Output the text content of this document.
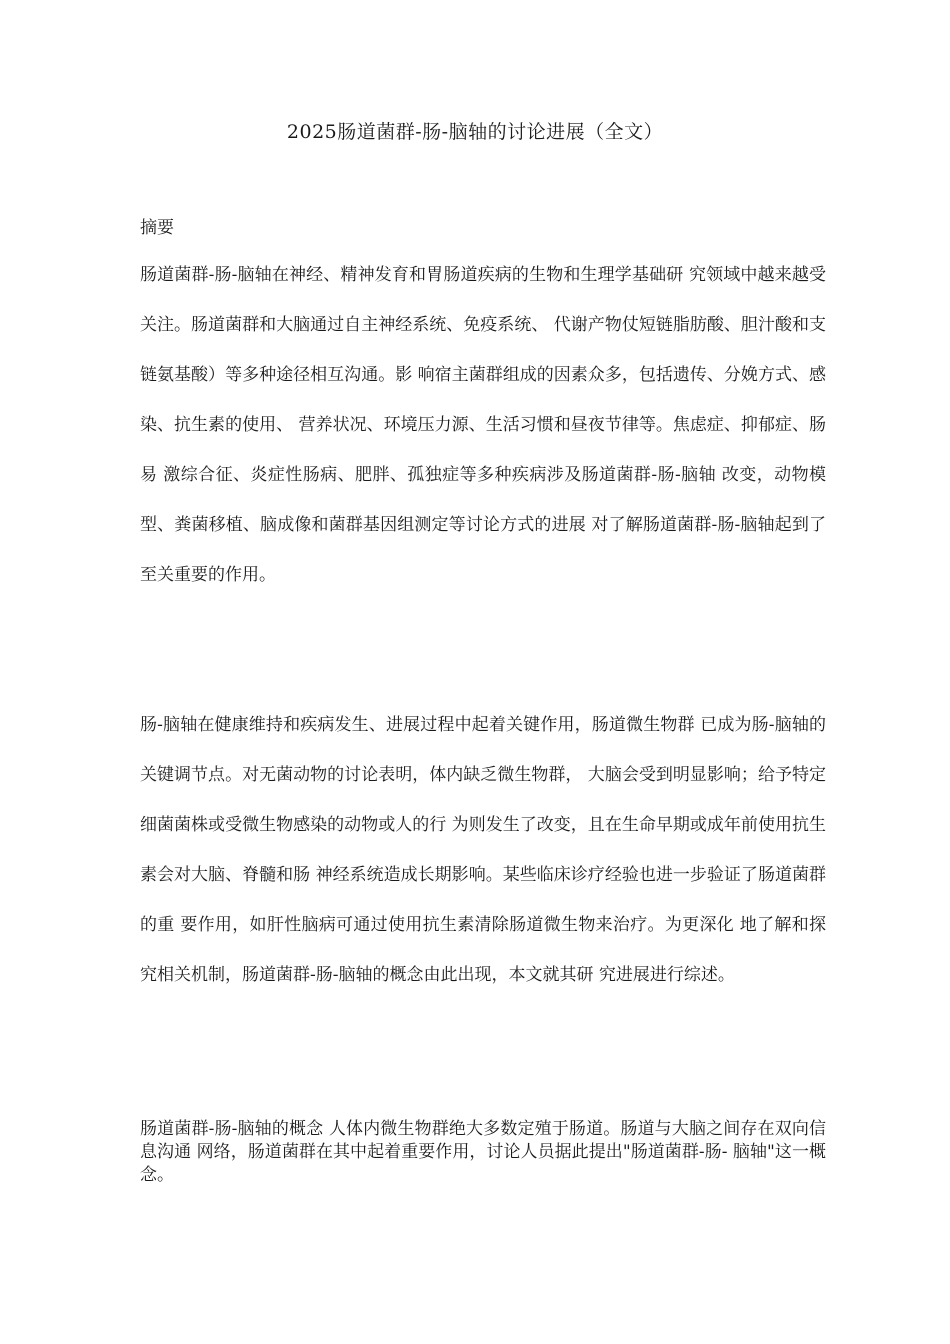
2025肠道菌群-肠-脑轴的讨论进展（全文）
摘要

肠道菌群-肠-脑轴在神经、精神发育和胃肠道疾病的生物和生理学基础研 究领域中越来越受关注。肠道菌群和大脑通过自主神经系统、免疫系统、 代谢产物仗短链脂肪酸、胆汁酸和支链氨基酸）等多种途径相互沟通。影 响宿主菌群组成的因素众多，包括遗传、分娩方式、感染、抗生素的使用、 营养状况、环境压力源、生活习惯和昼夜节律等。焦虑症、抑郁症、肠易 激综合征、炎症性肠病、肥胖、孤独症等多种疾病涉及肠道菌群-肠-脑轴 改变，动物模型、粪菌移植、脑成像和菌群基因组测定等讨论方式的进展 对了解肠道菌群-肠-脑轴起到了至关重要的作用。

肠-脑轴在健康维持和疾病发生、进展过程中起着关键作用，肠道微生物群 已成为肠-脑轴的关键调节点。对无菌动物的讨论表明，体内缺乏微生物群， 大脑会受到明显影响；给予特定细菌菌株或受微生物感染的动物或人的行 为则发生了改变，且在生命早期或成年前使用抗生素会对大脑、脊髓和肠 神经系统造成长期影响。某些临床诊疗经验也进一步验证了肠道菌群的重 要作用，如肝性脑病可通过使用抗生素清除肠道微生物来治疗。为更深化 地了解和探究相关机制，肠道菌群-肠-脑轴的概念由此出现，本文就其研 究进展进行综述。

肠道菌群-肠-脑轴的概念 人体内微生物群绝大多数定殖于肠道。肠道与大脑之间存在双向信息沟通 网络，肠道菌群在其中起着重要作用，讨论人员据此提出"肠道菌群-肠- 脑轴"这一概念。
